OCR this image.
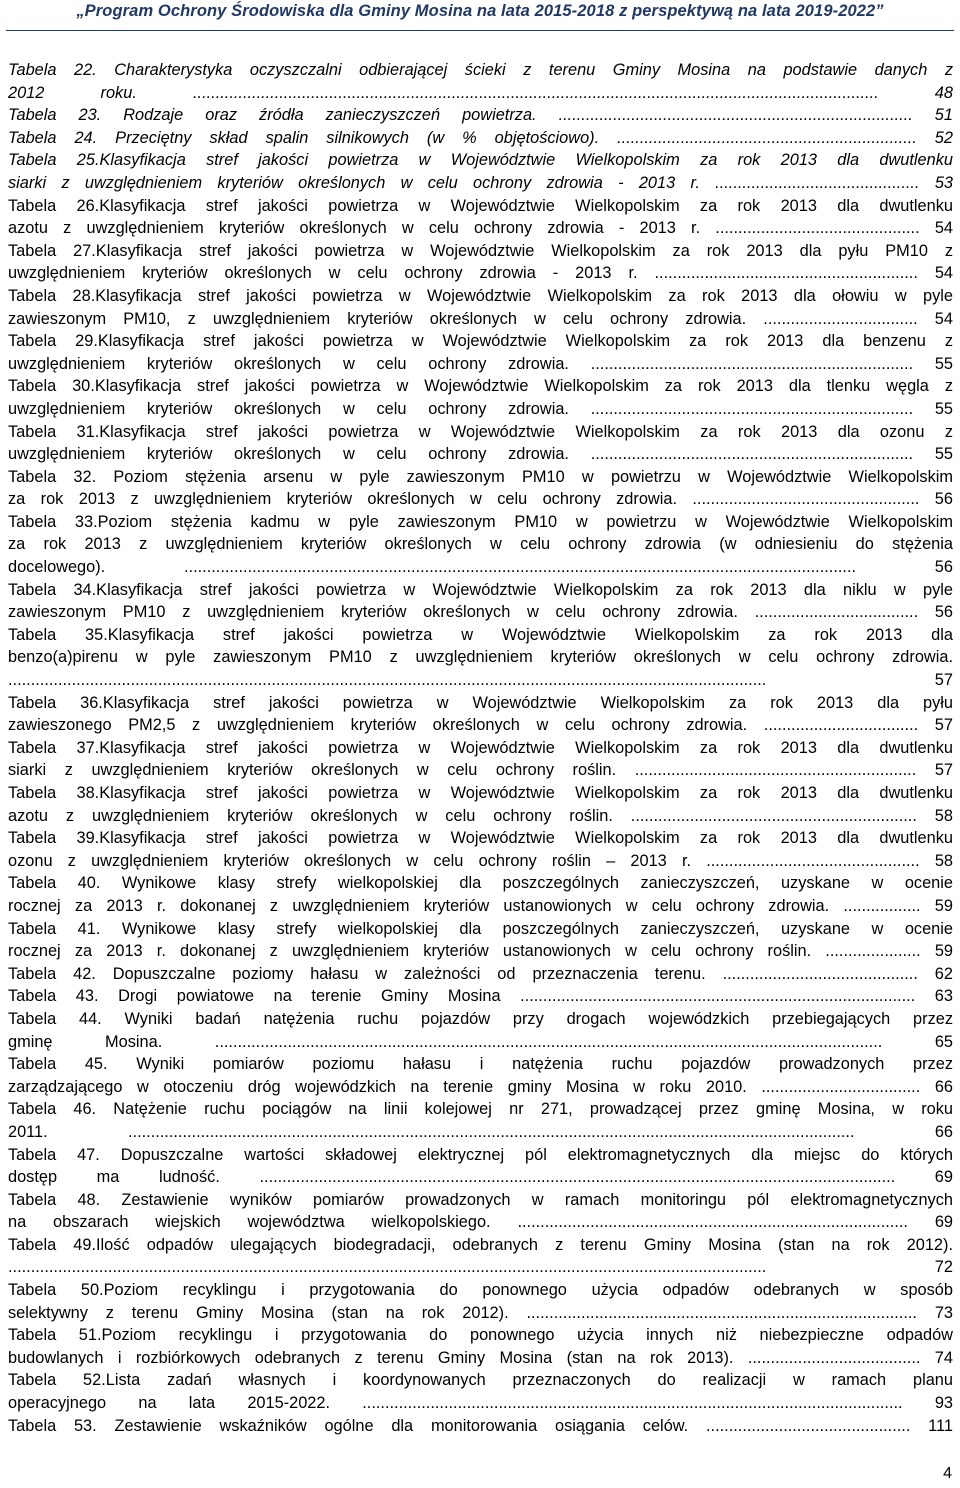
„Program Ochrony Środowiska dla Gminy Mosina na lata 2015-2018 z perspektywą na lata 2019-2022”
Tabela 22. Charakterystyka oczyszczalni odbierającej ścieki z terenu Gminy Mosina na podstawie danych z
2012 roku. ....................................................................................................................................................... 48
Tabela 23. Rodzaje oraz źródła zanieczyszczeń powietrza. .............................................................................. 51
Tabela 24. Przeciętny skład spalin silnikowych (w % objętościowo). .................................................................. 52
Tabela 25.Klasyfikacja stref jakości powietrza w Województwie Wielkopolskim za rok 2013 dla dwutlenku
siarki z uwzględnieniem kryteriów określonych w celu ochrony zdrowia - 2013 r. ............................................. 53
Tabela 26.Klasyfikacja stref jakości powietrza w Województwie Wielkopolskim za rok 2013 dla dwutlenku
azotu z uwzględnieniem kryteriów określonych w celu ochrony zdrowia - 2013 r. ............................................. 54
Tabela 27.Klasyfikacja stref jakości powietrza w Województwie Wielkopolskim za rok 2013 dla pyłu PM10 z
uwzględnieniem kryteriów określonych w celu ochrony zdrowia - 2013 r. .......................................................... 54
Tabela 28.Klasyfikacja stref jakości powietrza w Województwie Wielkopolskim za rok 2013 dla ołowiu w pyle
zawieszonym PM10, z uwzględnieniem kryteriów określonych w celu ochrony zdrowia. .................................. 54
Tabela 29.Klasyfikacja stref jakości powietrza w Województwie Wielkopolskim za rok 2013 dla benzenu z
uwzględnieniem kryteriów określonych w celu ochrony zdrowia. ....................................................................... 55
Tabela 30.Klasyfikacja stref jakości powietrza w Województwie Wielkopolskim za rok 2013 dla tlenku węgla z
uwzględnieniem kryteriów określonych w celu ochrony zdrowia. ....................................................................... 55
Tabela 31.Klasyfikacja stref jakości powietrza w Województwie Wielkopolskim za rok 2013 dla ozonu z
uwzględnieniem kryteriów określonych w celu ochrony zdrowia. ....................................................................... 55
Tabela 32. Poziom stężenia arsenu w pyle zawieszonym PM10 w powietrzu w Województwie Wielkopolskim
za rok 2013 z uwzględnieniem kryteriów określonych w celu ochrony zdrowia. .................................................. 56
Tabela 33.Poziom stężenia kadmu w pyle zawieszonym PM10 w powietrzu w Województwie Wielkopolskim
za rok 2013 z uwzględnieniem kryteriów określonych w celu ochrony zdrowia (w odniesieniu do stężenia
docelowego). .................................................................................................................................................... 56
Tabela 34.Klasyfikacja stref jakości powietrza w Województwie Wielkopolskim za rok 2013 dla niklu w pyle
zawieszonym PM10 z uwzględnieniem kryteriów określonych w celu ochrony zdrowia. .................................... 56
Tabela 35.Klasyfikacja stref jakości powietrza w Województwie Wielkopolskim za rok 2013 dla
benzo(a)pirenu w pyle zawieszonym PM10 z uwzględnieniem kryteriów określonych w celu ochrony zdrowia.
....................................................................................................................................................................... 57
Tabela 36.Klasyfikacja stref jakości powietrza w Województwie Wielkopolskim za rok 2013 dla pyłu
zawieszonego PM2,5 z uwzględnieniem kryteriów określonych w celu ochrony zdrowia. .................................. 57
Tabela 37.Klasyfikacja stref jakości powietrza w Województwie Wielkopolskim za rok 2013 dla dwutlenku
siarki z uwzględnieniem kryteriów określonych w celu ochrony roślin. .............................................................. 57
Tabela 38.Klasyfikacja stref jakości powietrza w Województwie Wielkopolskim za rok 2013 dla dwutlenku
azotu z uwzględnieniem kryteriów określonych w celu ochrony roślin. ............................................................... 58
Tabela 39.Klasyfikacja stref jakości powietrza w Województwie Wielkopolskim za rok 2013 dla dwutlenku
ozonu z uwzględnieniem kryteriów określonych w celu ochrony roślin – 2013 r. ............................................... 58
Tabela 40. Wynikowe klasy strefy wielkopolskiej dla poszczególnych zanieczyszczeń, uzyskane w ocenie
rocznej za 2013 r. dokonanej z uwzględnieniem kryteriów ustanowionych w celu ochrony zdrowia. ................. 59
Tabela 41. Wynikowe klasy strefy wielkopolskiej dla poszczególnych zanieczyszczeń, uzyskane w ocenie
rocznej za 2013 r. dokonanej z uwzględnieniem kryteriów ustanowionych w celu ochrony roślin. ..................... 59
Tabela 42. Dopuszczalne poziomy hałasu w zależności od przeznaczenia terenu. ........................................... 62
Tabela 43. Drogi powiatowe na terenie Gminy Mosina ....................................................................................... 63
Tabela 44. Wyniki badań natężenia ruchu pojazdów przy drogach wojewódzkich przebiegających przez
gminę Mosina. ................................................................................................................................................... 65
Tabela 45. Wyniki pomiarów poziomu hałasu i natężenia ruchu pojazdów prowadzonych przez
zarządzającego w otoczeniu dróg wojewódzkich na terenie gminy Mosina w roku 2010. ................................... 66
Tabela 46. Natężenie ruchu pociągów na linii kolejowej nr 271, prowadzącej przez gminę Mosina, w roku
2011. ................................................................................................................................................................ 66
Tabela 47. Dopuszczalne wartości składowej elektrycznej pól elektromagnetycznych dla miejsc do których
dostęp ma ludność. ............................................................................................................................................ 69
Tabela 48. Zestawienie wyników pomiarów prowadzonych w ramach monitoringu pól elektromagnetycznych
na obszarach wiejskich województwa wielkopolskiego. ...................................................................................... 69
Tabela 49.Ilość odpadów ulegających biodegradacji, odebranych z terenu Gminy Mosina (stan na rok 2012).
....................................................................................................................................................................... 72
Tabela 50.Poziom recyklingu i przygotowania do ponownego użycia odpadów odebranych w sposób
selektywny z terenu Gminy Mosina (stan na rok 2012). ...................................................................................... 73
Tabela 51.Poziom recyklingu i przygotowania do ponownego użycia innych niż niebezpieczne odpadów
budowlanych i rozbiórkowych odebranych z terenu Gminy Mosina (stan na rok 2013). ...................................... 74
Tabela 52.Lista zadań własnych i koordynowanych przeznaczonych do realizacji w ramach planu
operacyjnego na lata 2015-2022. ....................................................................................................................... 93
Tabela 53. Zestawienie wskaźników ogólne dla monitorowania osiągania celów. ............................................. 111
4
